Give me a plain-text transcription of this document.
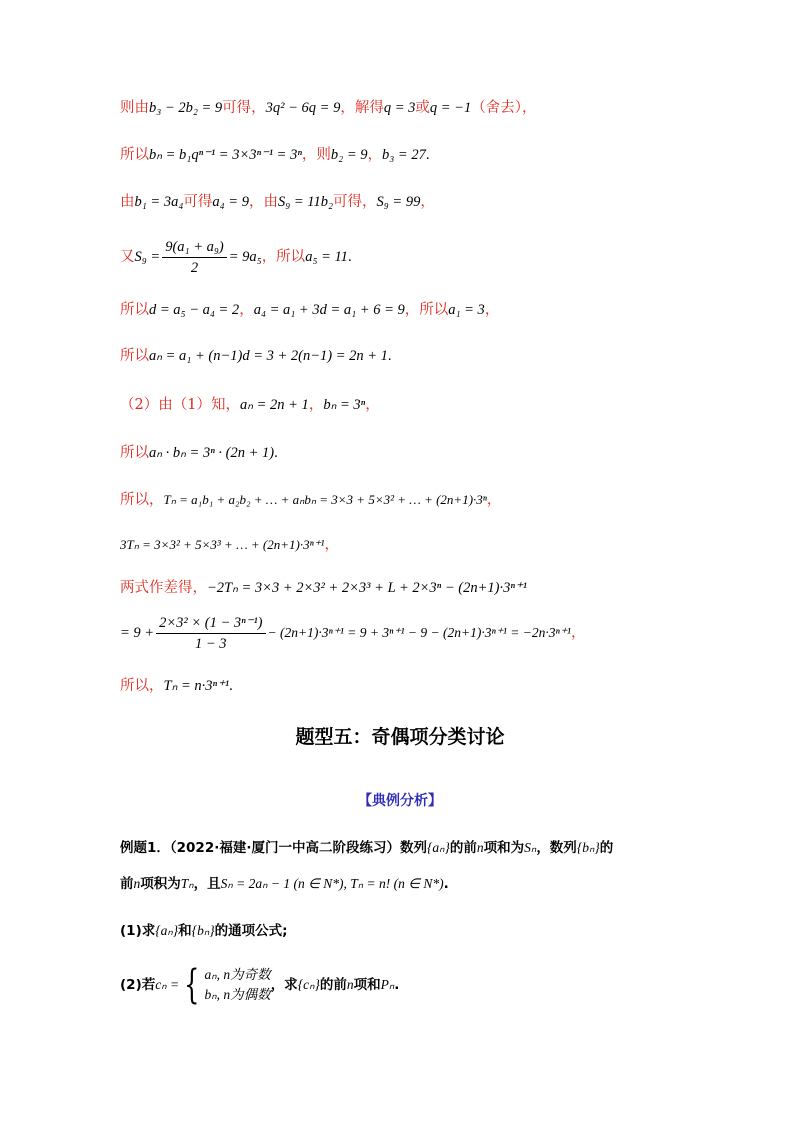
则由b₃ − 2b₂ = 9可得，3q² − 6q = 9，解得q = 3或q = −1（舍去），
所以bₙ = b₁qⁿ⁻¹ = 3×3ⁿ⁻¹ = 3ⁿ，则b₂ = 9，b₃ = 27.
由b₁ = 3a₄可得a₄ = 9，由S₉ = 11b₂可得，S₉ = 99，
又$S_9 = \frac{\text{9(a₁ + a₉)}}{2} = 9a_5$，所以a₅ = 11.
所以d = a₅ − a₄ = 2，a₄ = a₁ + 3d = a₁ + 6 = 9，所以a₁ = 3，
所以aₙ = a₁ + (n−1)d = 3 + 2(n−1) = 2n + 1.
（2）由（1）知，aₙ = 2n + 1，bₙ = 3ⁿ，
所以aₙ · bₙ = 3ⁿ · (2n + 1).
所以，Tₙ = a₁b₁ + a₂b₂ + … + aₙbₙ = 3×3 + 5×3² + … + (2n+1)·3ⁿ，
3Tₙ = 3×3² + 5×3³ + … + (2n+1)·3ⁿ⁺¹，
两式作差得，−2Tₙ = 3×3 + 2×3² + 2×3³ + L + 2×3ⁿ − (2n+1)·3ⁿ⁺¹
= $9 + \frac{\text{2×3² × (1 − 3ⁿ⁻¹)}}{1 - 3} - (2n+1)\cdot 3^{n+1} = 9 + 3^{n+1} - 9 - (2n+1)\cdot 3^{n+1} = -2n\cdot 3^{n+1}$，
所以，Tₙ = n·3ⁿ⁺¹.
题型五：奇偶项分类讨论
【典例分析】
例题1．（2022·福建·厦门一中高二阶段练习）数列{aₙ}的前n项和为Sₙ，数列{bₙ}的
前n项积为Tₙ，且Sₙ = 2aₙ − 1 (n ∈ N*), Tₙ = n! (n ∈ N*).
(1)求{aₙ}和{bₙ}的通项公式;
(2)若cₙ = { aₙ, n为奇数
bₙ, n为偶数
，求{cₙ}的前n项和Pₙ.
